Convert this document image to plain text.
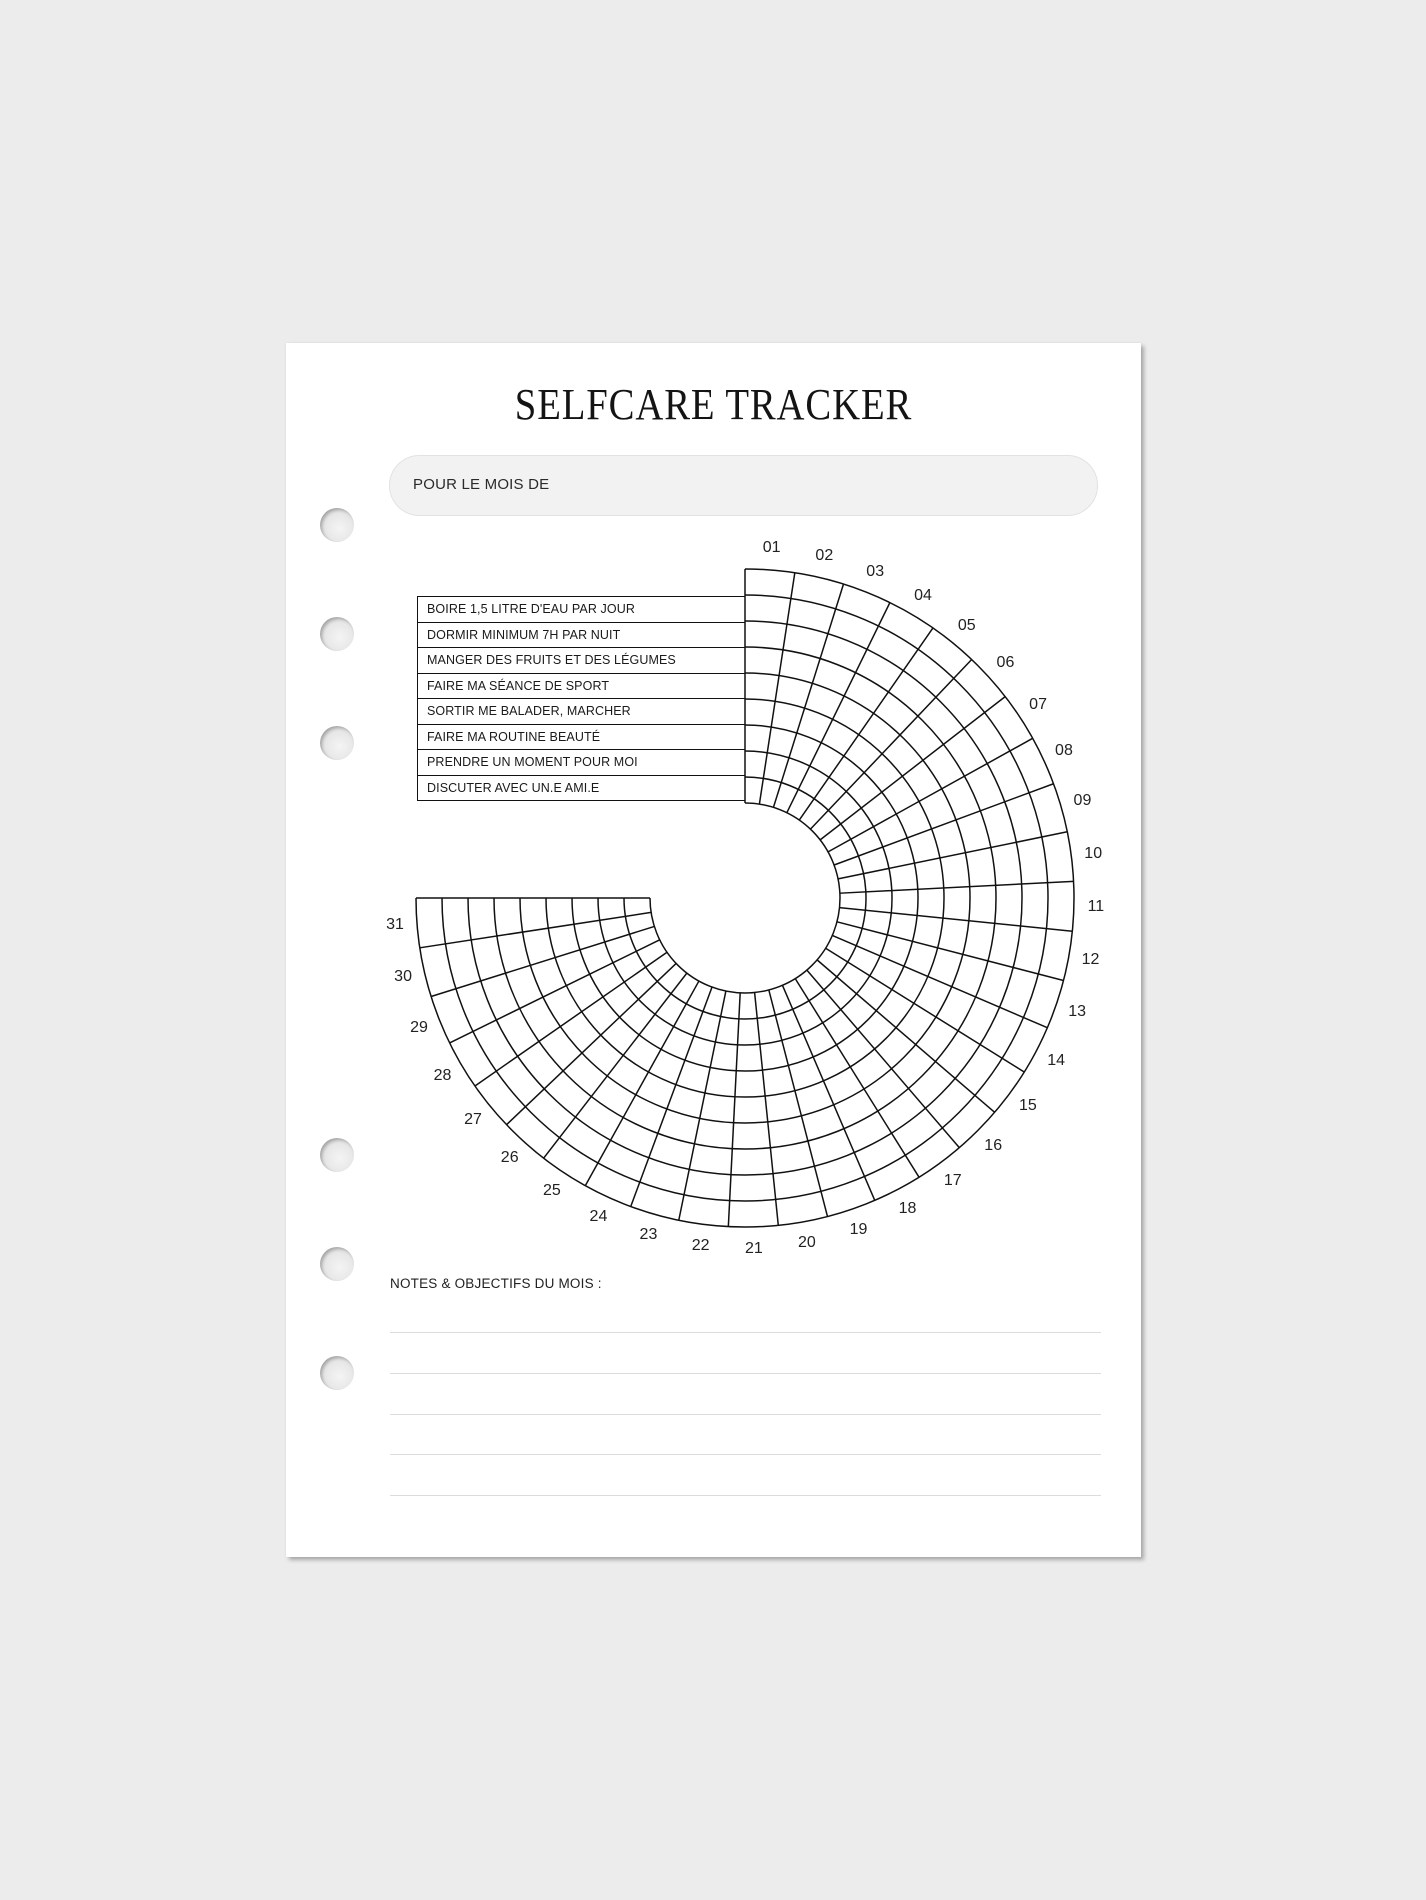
SELFCARE TRACKER
POUR LE MOIS DE
BOIRE 1,5 LITRE D'EAU PAR JOUR
DORMIR MINIMUM 7H PAR NUIT
MANGER DES FRUITS ET DES LÉGUMES
FAIRE MA SÉANCE DE SPORT
SORTIR ME BALADER, MARCHER
FAIRE MA ROUTINE BEAUTÉ
PRENDRE UN MOMENT POUR MOI
DISCUTER AVEC UN.E AMI.E
01 02
03
04
05
06
07
08
09
10
11
12
13
14
15
16
17
18
19
20
21
22
23
24
25
26
27
28
29
30
31
NOTES & OBJECTIFS DU MOIS :
